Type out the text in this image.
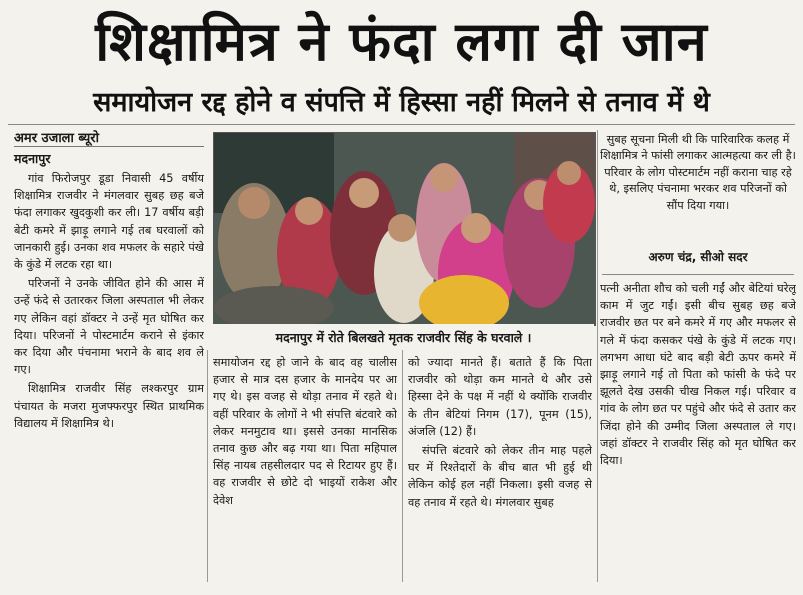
शिक्षामित्र ने फंदा लगा दी जान
समायोजन रद्द होने व संपत्ति में हिस्सा नहीं मिलने से तनाव में थे
अमर उजाला ब्यूरो
मदनापुर

गांव फिरोजपुर डूडा निवासी 45 वर्षीय शिक्षामित्र राजवीर ने मंगलवार सुबह छह बजे फंदा लगाकर खुदकुशी कर ली। 17 वर्षीय बड़ी बेटी कमरे में झाड़ू लगाने गई तब घरवालों को जानकारी हुई। उनका शव मफलर के सहारे पंखे के कुंडे में लटक रहा था।

परिजनों ने उनके जीवित होने की आस में उन्हें फंदे से उतारकर जिला अस्पताल भी लेकर गए लेकिन वहां डॉक्टर ने उन्हें मृत घोषित कर दिया। परिजनों ने पोस्टमार्टम कराने से इंकार कर दिया और पंचनामा भराने के बाद शव ले गए।

शिक्षामित्र राजवीर सिंह लश्करपुर ग्राम पंचायत के मजरा मुजफ्फरपुर स्थित प्राथमिक विद्यालय में शिक्षामित्र थे।

मदनापुर में रोते बिलखते मृतक राजवीर सिंह के घरवाले ।

समायोजन रद्द हो जाने के बाद वह चालीस हजार से मात्र दस हजार के मानदेय पर आ गए थे। इस वजह से थोड़ा तनाव में रहते थे। वहीं परिवार के लोगों ने भी संपत्ति बंटवारे को लेकर मनमुटाव था। इससे उनका मानसिक तनाव कुछ और बढ़ गया था। पिता महिपाल सिंह नायब तहसीलदार पद से रिटायर हुए हैं। वह राजवीर से छोटे दो भाइयों राकेश और देवेश

को ज्यादा मानते हैं। बताते हैं कि पिता राजवीर को थोड़ा कम मानते थे और उसे हिस्सा देने के पक्ष में नहीं थे क्योंकि राजवीर के तीन बेटियां निगम (17), पूनम (15), अंजलि (12) हैं।

संपत्ति बंटवारे को लेकर तीन माह पहले घर में रिश्तेदारों के बीच बात भी हुई थी लेकिन कोई हल नहीं निकला। इसी वजह से वह तनाव में रहते थे। मंगलवार सुबह

सुबह सूचना मिली थी कि पारिवारिक कलह में शिक्षामित्र ने फांसी लगाकर आत्महत्या कर ली है। परिवार के लोग पोस्टमार्टम नहीं कराना चाह रहे थे, इसलिए पंचनामा भरकर शव परिजनों को सौंप दिया गया।
अरुण चंद्र, सीओ सदर

पत्नी अनीता शौच को चली गईं और बेटियां घरेलू काम में जुट गईं। इसी बीच सुबह छह बजे राजवीर छत पर बने कमरे में गए और मफलर से गले में फंदा कसकर पंखे के कुंडे में लटक गए। लगभग आधा घंटे बाद बड़ी बेटी ऊपर कमरे में झाड़ू लगाने गई तो पिता को फांसी के फंदे पर झूलते देख उसकी चीख निकल गई। परिवार व गांव के लोग छत पर पहुंचे और फंदे से उतार कर जिंदा होने की उम्मीद जिला अस्पताल ले गए। जहां डॉक्टर ने राजवीर सिंह को मृत घोषित कर दिया।
